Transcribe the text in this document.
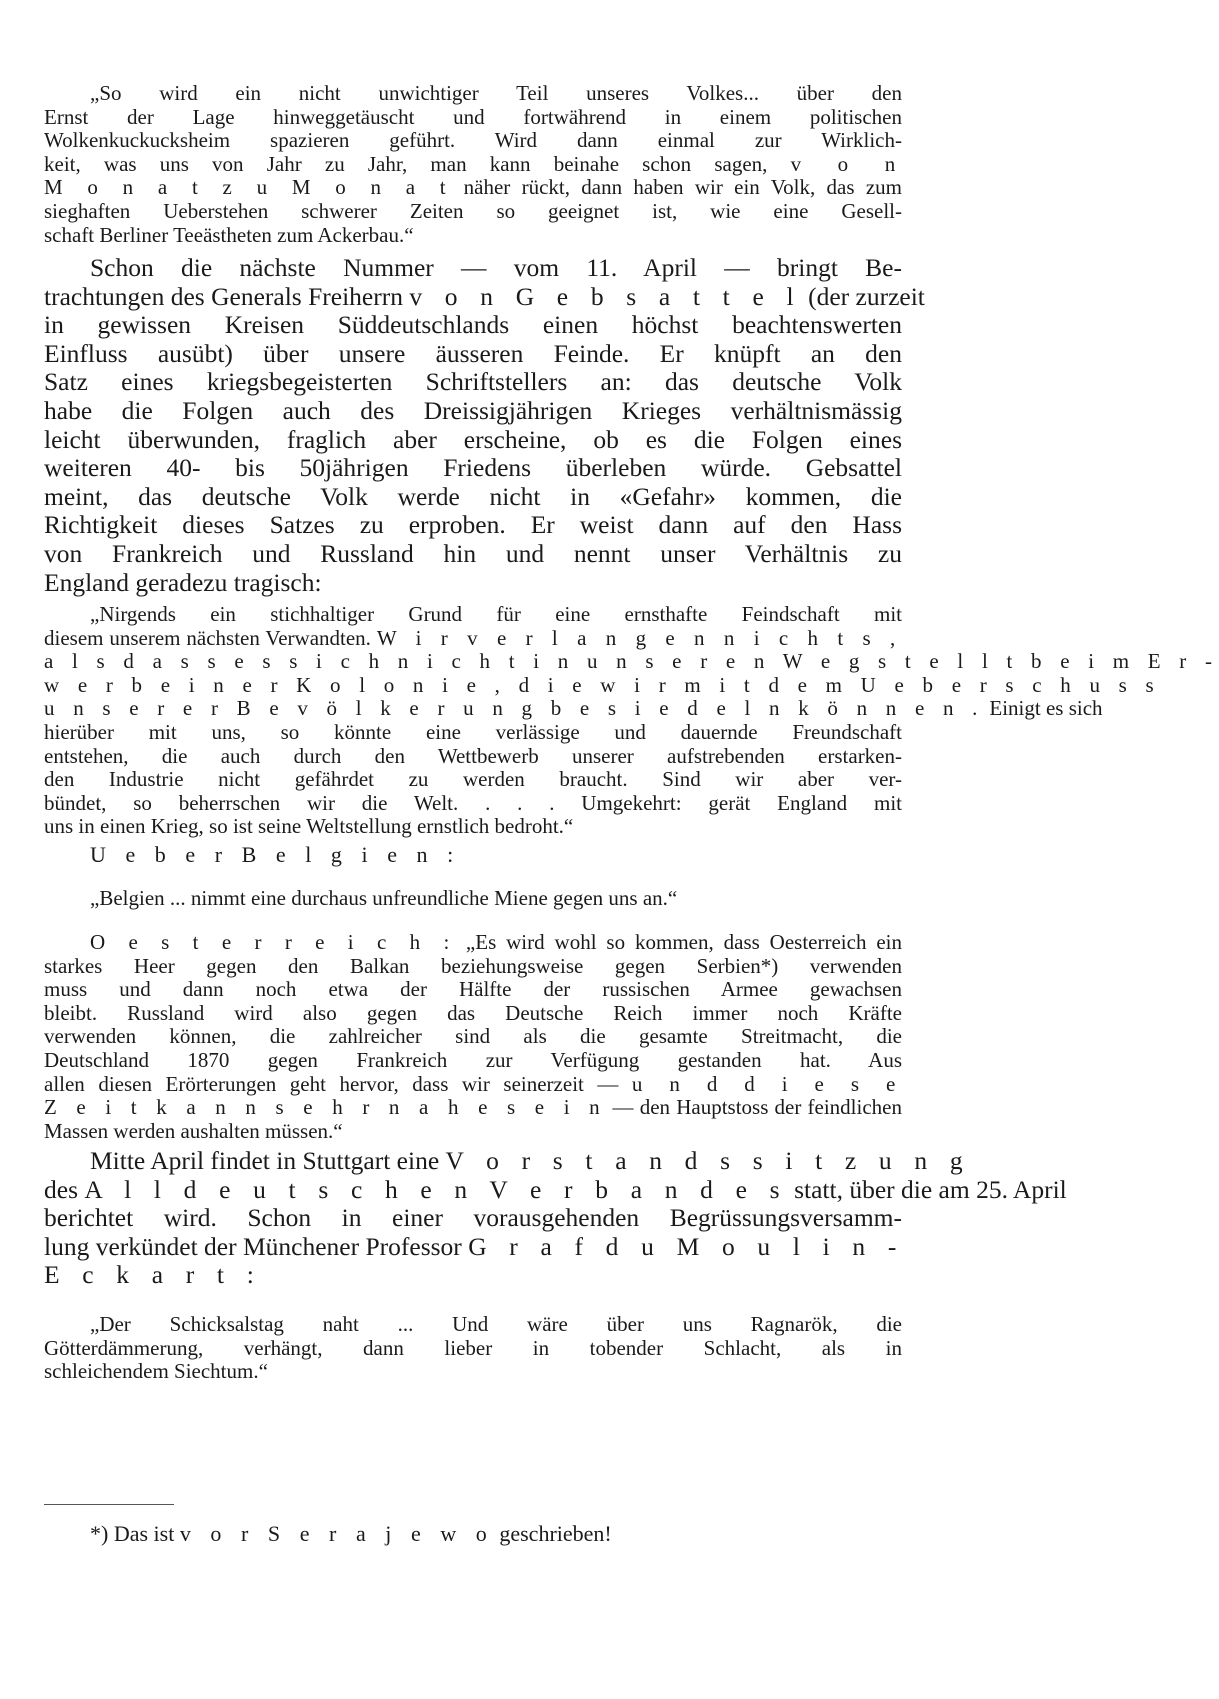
„So wird ein nicht unwichtiger Teil unseres Volkes... über den
Ernst der Lage hinweggetäuscht und fortwährend in einem politischen
Wolkenkuckucksheim spazieren geführt. Wird dann einmal zur Wirklich-
keit, was uns von Jahr zu Jahr, man kann beinahe schon sagen, v o n
M o n a t z u M o n a t näher rückt, dann haben wir ein Volk, das zum
sieghaften Ueberstehen schwerer Zeiten so geeignet ist, wie eine Gesell-
schaft Berliner Teeästheten zum Ackerbau.“
Schon die nächste Nummer — vom 11. April — bringt Be-
trachtungen des Generals Freiherrn v o n G e b s a t t e l (der zurzeit
in gewissen Kreisen Süddeutschlands einen höchst beachtenswerten
Einfluss ausübt) über unsere äusseren Feinde. Er knüpft an den
Satz eines kriegsbegeisterten Schriftstellers an: das deutsche Volk
habe die Folgen auch des Dreissigjährigen Krieges verhältnismässig
leicht überwunden, fraglich aber erscheine, ob es die Folgen eines
weiteren 40- bis 50jährigen Friedens überleben würde. Gebsattel
meint, das deutsche Volk werde nicht in «Gefahr» kommen, die
Richtigkeit dieses Satzes zu erproben. Er weist dann auf den Hass
von Frankreich und Russland hin und nennt unser Verhältnis zu
England geradezu tragisch:
„Nirgends ein stichhaltiger Grund für eine ernsthafte Feindschaft mit
diesem unserem nächsten Verwandten. W i r v e r l a n g e n n i c h t s ,
a l s d a s s e s s i c h n i c h t i n u n s e r e n W e g s t e l l t b e i m E r -
w e r b e i n e r K o l o n i e , d i e w i r m i t d e m U e b e r s c h u s s
u n s e r e r B e v ö l k e r u n g b e s i e d e l n k ö n n e n . Einigt es sich
hierüber mit uns, so könnte eine verlässige und dauernde Freundschaft
entstehen, die auch durch den Wettbewerb unserer aufstrebenden erstarken-
den Industrie nicht gefährdet zu werden braucht. Sind wir aber ver-
bündet, so beherrschen wir die Welt. . . . Umgekehrt: gerät England mit
uns in einen Krieg, so ist seine Weltstellung ernstlich bedroht.“
U e b e r B e l g i e n :
„Belgien ... nimmt eine durchaus unfreundliche Miene gegen uns an.“
O e s t e r r e i c h : „Es wird wohl so kommen, dass Oesterreich ein
starkes Heer gegen den Balkan beziehungsweise gegen Serbien*) verwenden
muss und dann noch etwa der Hälfte der russischen Armee gewachsen
bleibt. Russland wird also gegen das Deutsche Reich immer noch Kräfte
verwenden können, die zahlreicher sind als die gesamte Streitmacht, die
Deutschland 1870 gegen Frankreich zur Verfügung gestanden hat. Aus
allen diesen Erörterungen geht hervor, dass wir seinerzeit — u n d d i e s e
Z e i t k a n n s e h r n a h e s e i n — den Hauptstoss der feindlichen
Massen werden aushalten müssen.“
Mitte April findet in Stuttgart eine V o r s t a n d s s i t z u n g
des A l l d e u t s c h e n V e r b a n d e s statt, über die am 25. April
berichtet wird. Schon in einer vorausgehenden Begrüssungsversamm-
lung verkündet der Münchener Professor G r a f d u M o u l i n -
E c k a r t :
„Der Schicksalstag naht ... Und wäre über uns Ragnarök, die
Götterdämmerung, verhängt, dann lieber in tobender Schlacht, als in
schleichendem Siechtum.“
*) Das ist v o r S e r a j e w o geschrieben!
